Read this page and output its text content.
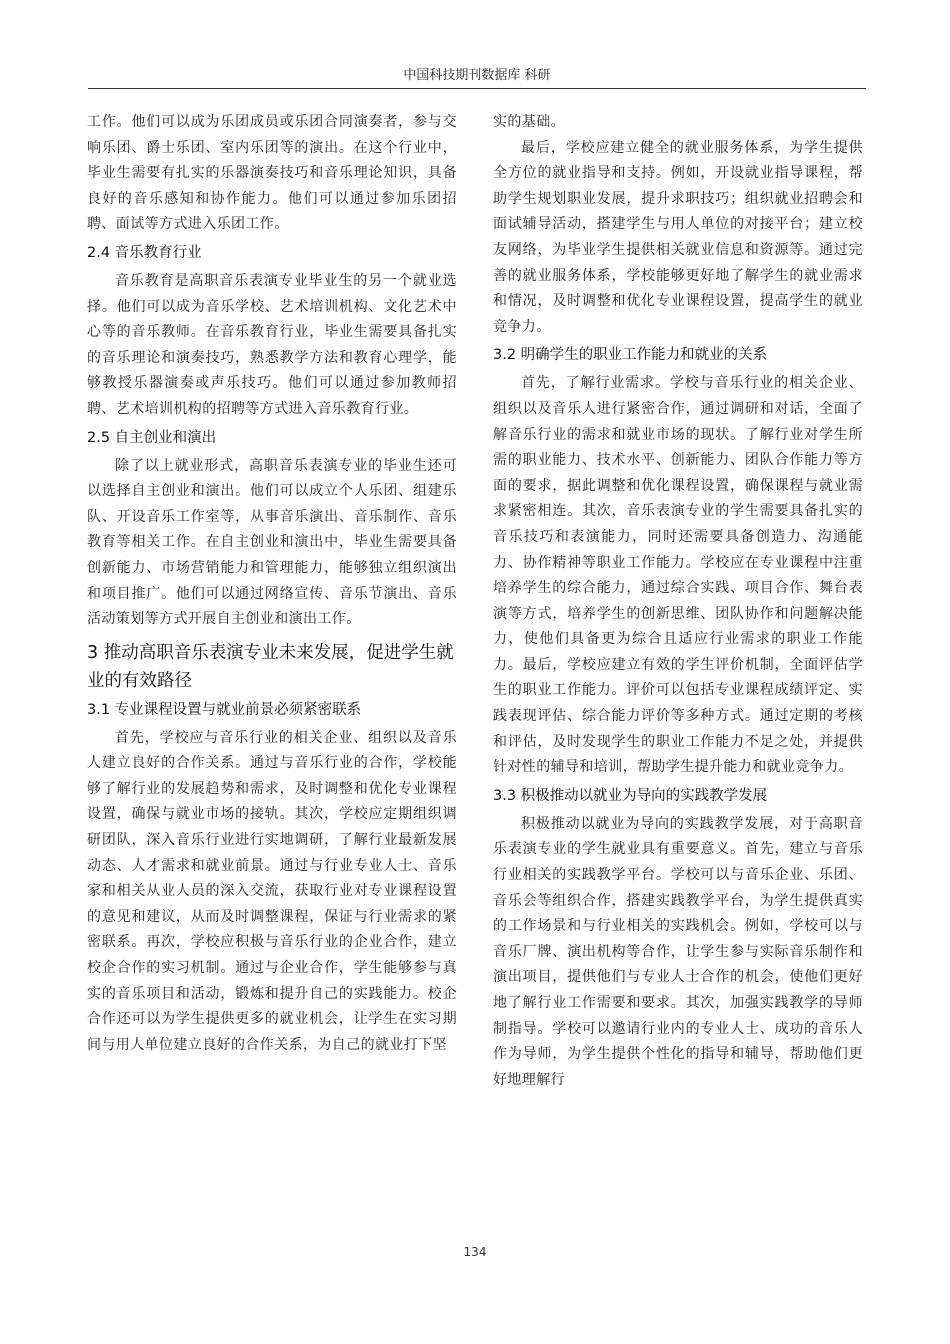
中国科技期刊数据库 科研

工作。他们可以成为乐团成员或乐团合同演奏者，参与交响乐团、爵士乐团、室内乐团等的演出。在这个行业中，毕业生需要有扎实的乐器演奏技巧和音乐理论知识，具备良好的音乐感知和协作能力。他们可以通过参加乐团招聘、面试等方式进入乐团工作。

2.4 音乐教育行业

音乐教育是高职音乐表演专业毕业生的另一个就业选择。他们可以成为音乐学校、艺术培训机构、文化艺术中心等的音乐教师。在音乐教育行业，毕业生需要具备扎实的音乐理论和演奏技巧，熟悉教学方法和教育心理学，能够教授乐器演奏或声乐技巧。他们可以通过参加教师招聘、艺术培训机构的招聘等方式进入音乐教育行业。

2.5 自主创业和演出

除了以上就业形式，高职音乐表演专业的毕业生还可以选择自主创业和演出。他们可以成立个人乐团、组建乐队、开设音乐工作室等，从事音乐演出、音乐制作、音乐教育等相关工作。在自主创业和演出中，毕业生需要具备创新能力、市场营销能力和管理能力，能够独立组织演出和项目推广。他们可以通过网络宣传、音乐节演出、音乐活动策划等方式开展自主创业和演出工作。

3 推动高职音乐表演专业未来发展，促进学生就业的有效路径
3.1 专业课程设置与就业前景必须紧密联系

首先，学校应与音乐行业的相关企业、组织以及音乐人建立良好的合作关系。通过与音乐行业的合作，学校能够了解行业的发展趋势和需求，及时调整和优化专业课程设置，确保与就业市场的接轨。其次，学校应定期组织调研团队，深入音乐行业进行实地调研，了解行业最新发展动态、人才需求和就业前景。通过与行业专业人士、音乐家和相关从业人员的深入交流，获取行业对专业课程设置的意见和建议，从而及时调整课程，保证与行业需求的紧密联系。再次，学校应积极与音乐行业的企业合作，建立校企合作的实习机制。通过与企业合作，学生能够参与真实的音乐项目和活动，锻炼和提升自己的实践能力。校企合作还可以为学生提供更多的就业机会，让学生在实习期间与用人单位建立良好的合作关系，为自己的就业打下坚

实的基础。

最后，学校应建立健全的就业服务体系，为学生提供全方位的就业指导和支持。例如，开设就业指导课程，帮助学生规划职业发展，提升求职技巧；组织就业招聘会和面试辅导活动，搭建学生与用人单位的对接平台；建立校友网络，为毕业学生提供相关就业信息和资源等。通过完善的就业服务体系，学校能够更好地了解学生的就业需求和情况，及时调整和优化专业课程设置，提高学生的就业竞争力。

3.2 明确学生的职业工作能力和就业的关系

首先，了解行业需求。学校与音乐行业的相关企业、组织以及音乐人进行紧密合作，通过调研和对话，全面了解音乐行业的需求和就业市场的现状。了解行业对学生所需的职业能力、技术水平、创新能力、团队合作能力等方面的要求，据此调整和优化课程设置，确保课程与就业需求紧密相连。其次，音乐表演专业的学生需要具备扎实的音乐技巧和表演能力，同时还需要具备创造力、沟通能力、协作精神等职业工作能力。学校应在专业课程中注重培养学生的综合能力，通过综合实践、项目合作、舞台表演等方式，培养学生的创新思维、团队协作和问题解决能力，使他们具备更为综合且适应行业需求的职业工作能力。最后，学校应建立有效的学生评价机制，全面评估学生的职业工作能力。评价可以包括专业课程成绩评定、实践表现评估、综合能力评价等多种方式。通过定期的考核和评估，及时发现学生的职业工作能力不足之处，并提供针对性的辅导和培训，帮助学生提升能力和就业竞争力。

3.3 积极推动以就业为导向的实践教学发展

积极推动以就业为导向的实践教学发展，对于高职音乐表演专业的学生就业具有重要意义。首先，建立与音乐行业相关的实践教学平台。学校可以与音乐企业、乐团、音乐会等组织合作，搭建实践教学平台，为学生提供真实的工作场景和与行业相关的实践机会。例如，学校可以与音乐厂牌、演出机构等合作，让学生参与实际音乐制作和演出项目，提供他们与专业人士合作的机会，使他们更好地了解行业工作需要和要求。其次，加强实践教学的导师制指导。学校可以邀请行业内的专业人士、成功的音乐人作为导师，为学生提供个性化的指导和辅导，帮助他们更好地理解行

134
